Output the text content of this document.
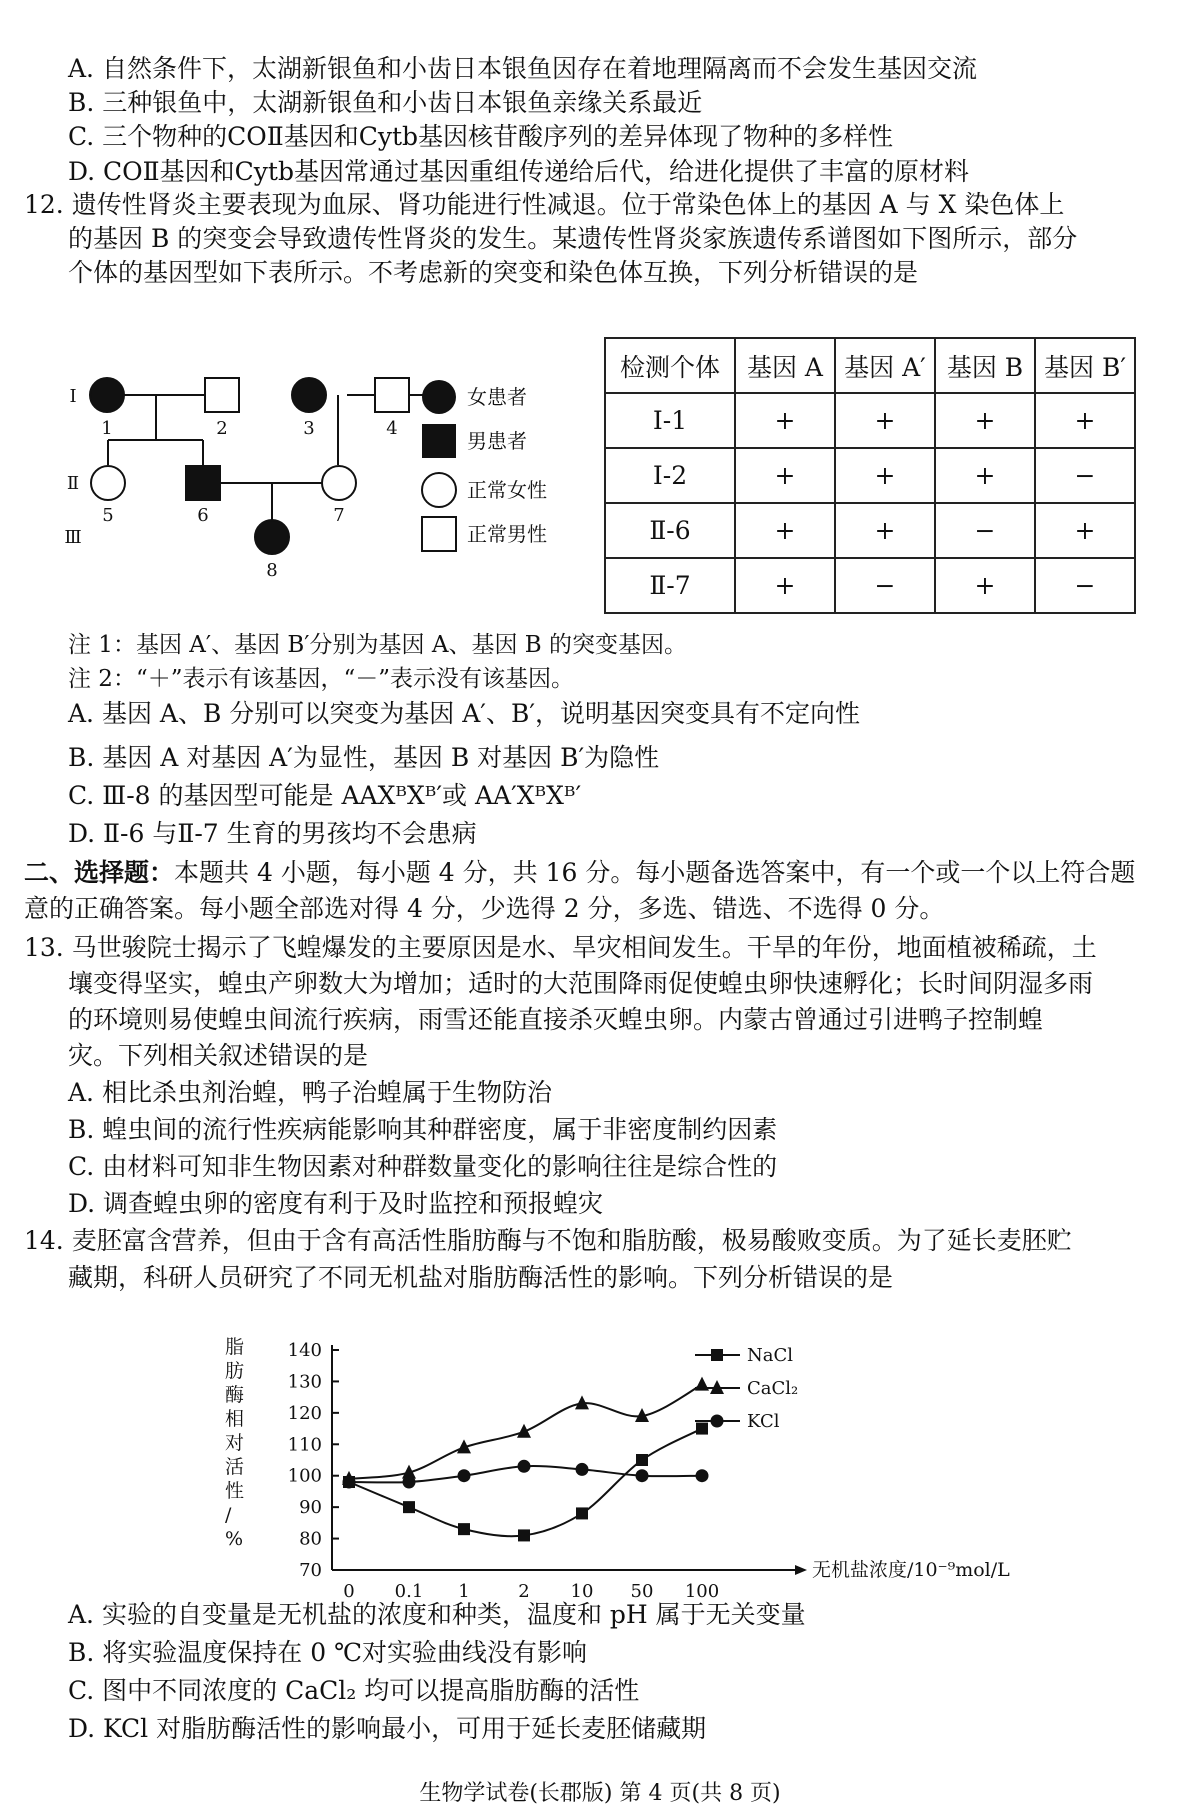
A. 自然条件下，太湖新银鱼和小齿日本银鱼因存在着地理隔离而不会发生基因交流
B. 三种银鱼中，太湖新银鱼和小齿日本银鱼亲缘关系最近
C. 三个物种的COⅡ基因和Cytb基因核苷酸序列的差异体现了物种的多样性
D. COⅡ基因和Cytb基因常通过基因重组传递给后代，给进化提供了丰富的原材料
12. 遗传性肾炎主要表现为血尿、肾功能进行性减退。位于常染色体上的基因 A 与 X 染色体上
的基因 B 的突变会导致遗传性肾炎的发生。某遗传性肾炎家族遗传系谱图如下图所示，部分
个体的基因型如下表所示。不考虑新的突变和染色体互换，下列分析错误的是
Ⅰ
Ⅱ
Ⅲ
1	2	3	4
5	6	7
8
女患者
男患者
正常女性
正常男性
检测个体	基因 A	基因 A′	基因 B	基因 B′
Ⅰ-1	+	+	+	+
Ⅰ-2	+	+	+	−
Ⅱ-6	+	+	−	+
Ⅱ-7	+	−	+	−
注 1：基因 A′、基因 B′分别为基因 A、基因 B 的突变基因。
注 2：“＋”表示有该基因，“－”表示没有该基因。
A. 基因 A、B 分别可以突变为基因 A′、B′，说明基因突变具有不定向性
B. 基因 A 对基因 A′为显性，基因 B 对基因 B′为隐性
C. Ⅲ-8 的基因型可能是 AAXᴮXᴮ′或 AA′XᴮXᴮ′
D. Ⅱ-6 与Ⅱ-7 生育的男孩均不会患病
二、选择题：本题共 4 小题，每小题 4 分，共 16 分。每小题备选答案中，有一个或一个以上符合题
意的正确答案。每小题全部选对得 4 分，少选得 2 分，多选、错选、不选得 0 分。
13. 马世骏院士揭示了飞蝗爆发的主要原因是水、旱灾相间发生。干旱的年份，地面植被稀疏，土
壤变得坚实，蝗虫产卵数大为增加；适时的大范围降雨促使蝗虫卵快速孵化；长时间阴湿多雨
的环境则易使蝗虫间流行疾病，雨雪还能直接杀灭蝗虫卵。内蒙古曾通过引进鸭子控制蝗
灾。下列相关叙述错误的是
A. 相比杀虫剂治蝗，鸭子治蝗属于生物防治
B. 蝗虫间的流行性疾病能影响其种群密度，属于非密度制约因素
C. 由材料可知非生物因素对种群数量变化的影响往往是综合性的
D. 调查蝗虫卵的密度有利于及时监控和预报蝗灾
14. 麦胚富含营养，但由于含有高活性脂肪酶与不饱和脂肪酸，极易酸败变质。为了延长麦胚贮
藏期，科研人员研究了不同无机盐对脂肪酶活性的影响。下列分析错误的是
脂
肪
酶
相
对
活
性
/
%
70
80
90
100
110
120
130
140
0 0.1 1	2 10 50 100
无机盐浓度/10⁻⁹mol/L
NaCl
CaCl₂
KCl
A. 实验的自变量是无机盐的浓度和种类，温度和 pH 属于无关变量
B. 将实验温度保持在 0 ℃对实验曲线没有影响
C. 图中不同浓度的 CaCl₂ 均可以提高脂肪酶的活性
D. KCl 对脂肪酶活性的影响最小，可用于延长麦胚储藏期
生物学试卷(长郡版) 第 4 页(共 8 页)
